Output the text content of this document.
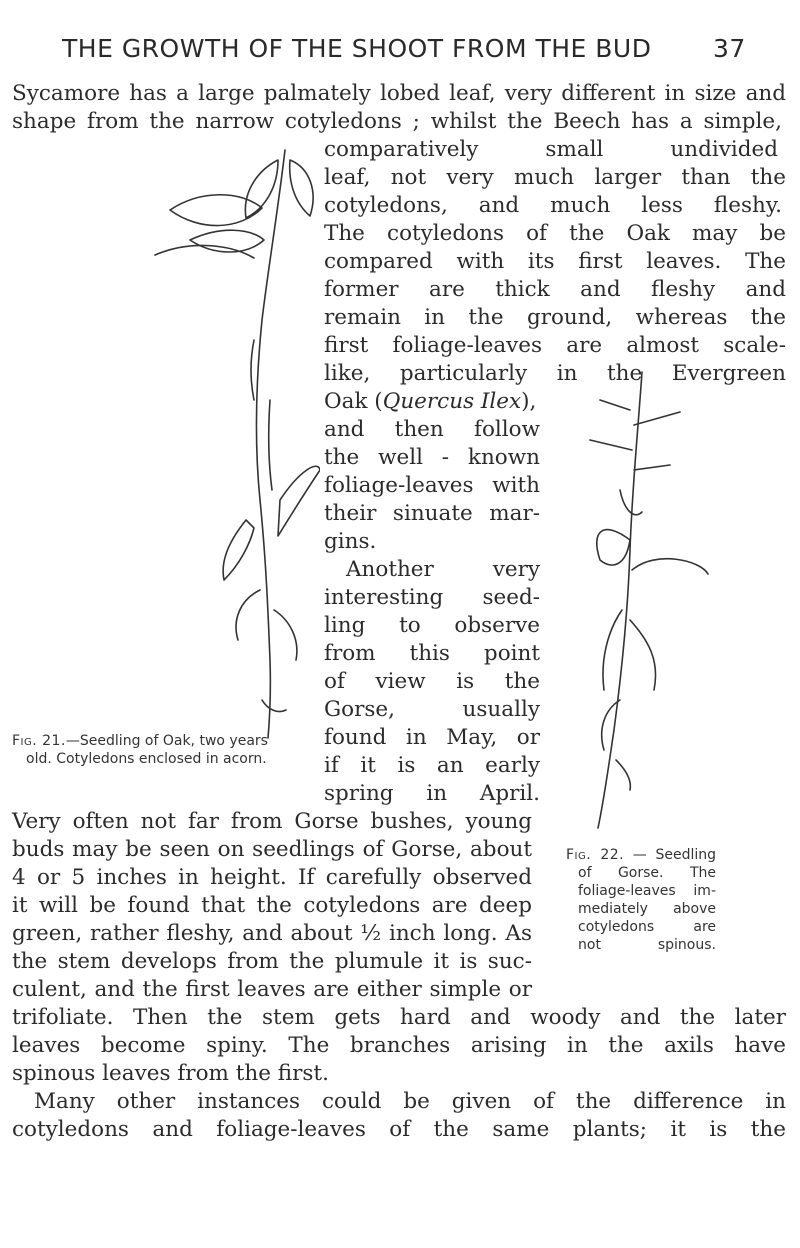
THE GROWTH OF THE SHOOT FROM THE BUD 37
Sycamore has a large palmately lobed leaf, very different in size and
shape from the narrow cotyledons ; whilst the Beech has a simple,
comparatively small undivided
leaf, not very much larger than the
cotyledons, and much less fleshy.
The cotyledons of the Oak may be
compared with its first leaves. The
former are thick and fleshy and
remain in the ground, whereas the
first foliage-leaves are almost scale-
like, particularly in the Evergreen
Oak (Quercus Ilex),
and then follow
the well - known
foliage-leaves with
their sinuate mar-
gins.
Another very
interesting seed-
ling to observe
from this point
of view is the
Gorse, usually
found in May, or
if it is an early
spring in April.
Very often not far from Gorse bushes, young
buds may be seen on seedlings of Gorse, about
4 or 5 inches in height. If carefully observed
it will be found that the cotyledons are deep
green, rather fleshy, and about ½ inch long. As
the stem develops from the plumule it is suc-
culent, and the first leaves are either simple or
trifoliate. Then the stem gets hard and woody and the later
leaves become spiny. The branches arising in the axils have
spinous leaves from the first.
Many other instances could be given of the difference in
cotyledons and foliage-leaves of the same plants; it is the
Fig. 21.—Seedling of Oak, two years
old. Cotyledons enclosed in acorn.
Fig. 22. — Seedling
of Gorse. The
foliage-leaves im-
mediately above
cotyledons are
not spinous.
